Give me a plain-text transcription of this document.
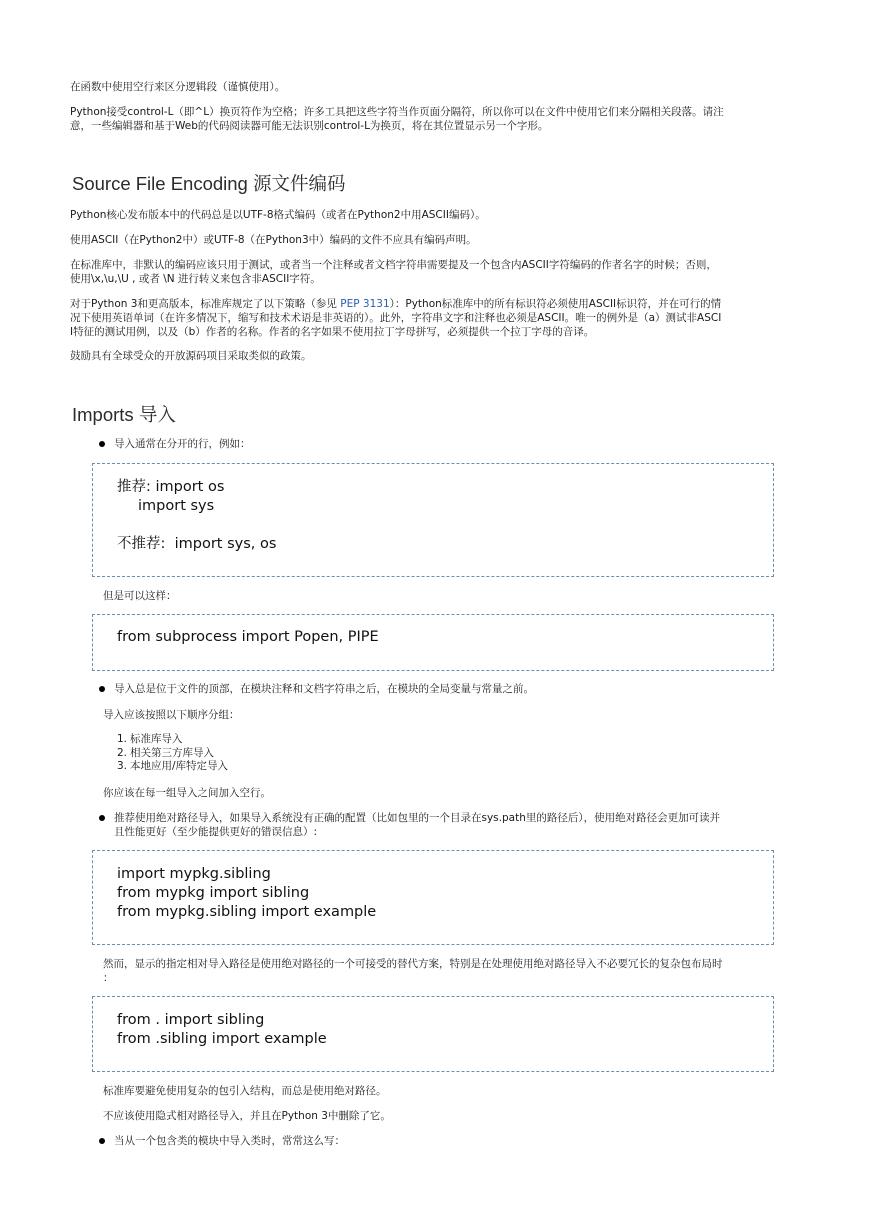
在函数中使用空行来区分逻辑段（谨慎使用）。

Python接受control-L（即^L）换页符作为空格；许多工具把这些字符当作页面分隔符，所以你可以在文件中使用它们来分隔相关段落。请注

意，一些编辑器和基于Web的代码阅读器可能无法识别control-L为换页，将在其位置显示另一个字形。

Source File Encoding 源文件编码

Python核心发布版本中的代码总是以UTF-8格式编码（或者在Python2中用ASCII编码）。

使用ASCII（在Python2中）或UTF-8（在Python3中）编码的文件不应具有编码声明。

在标准库中，非默认的编码应该只用于测试，或者当一个注释或者文档字符串需要提及一个包含内ASCII字符编码的作者名字的时候；否则，

使用\x,\u,\U , 或者 \N 进行转义来包含非ASCII字符。

对于Python 3和更高版本，标准库规定了以下策略（参见 PEP 3131）：Python标准库中的所有标识符必须使用ASCII标识符，并在可行的情

况下使用英语单词（在许多情况下，缩写和技术术语是非英语的）。此外，字符串文字和注释也必须是ASCII。唯一的例外是（a）测试非ASCI

I特征的测试用例，以及（b）作者的名称。作者的名字如果不使用拉丁字母拼写，必须提供一个拉丁字母的音译。

鼓励具有全球受众的开放源码项目采取类似的政策。

Imports 导入

导入通常在分开的行，例如：

推荐: import os
import sys
不推荐:  import sys, os

但是可以这样：

from subprocess import Popen, PIPE

导入总是位于文件的顶部，在模块注释和文档字符串之后，在模块的全局变量与常量之前。

导入应该按照以下顺序分组：

1. 标准库导入
2. 相关第三方库导入
3. 本地应用/库特定导入

你应该在每一组导入之间加入空行。

推荐使用绝对路径导入，如果导入系统没有正确的配置（比如包里的一个目录在sys.path里的路径后），使用绝对路径会更加可读并

且性能更好（至少能提供更好的错误信息）:

import mypkg.sibling
from mypkg import sibling
from mypkg.sibling import example

然而，显示的指定相对导入路径是使用绝对路径的一个可接受的替代方案，特别是在处理使用绝对路径导入不必要冗长的复杂包布局时

：

from . import sibling
from .sibling import example

标准库要避免使用复杂的包引入结构，而总是使用绝对路径。

不应该使用隐式相对路径导入，并且在Python 3中删除了它。

当从一个包含类的模块中导入类时，常常这么写：
